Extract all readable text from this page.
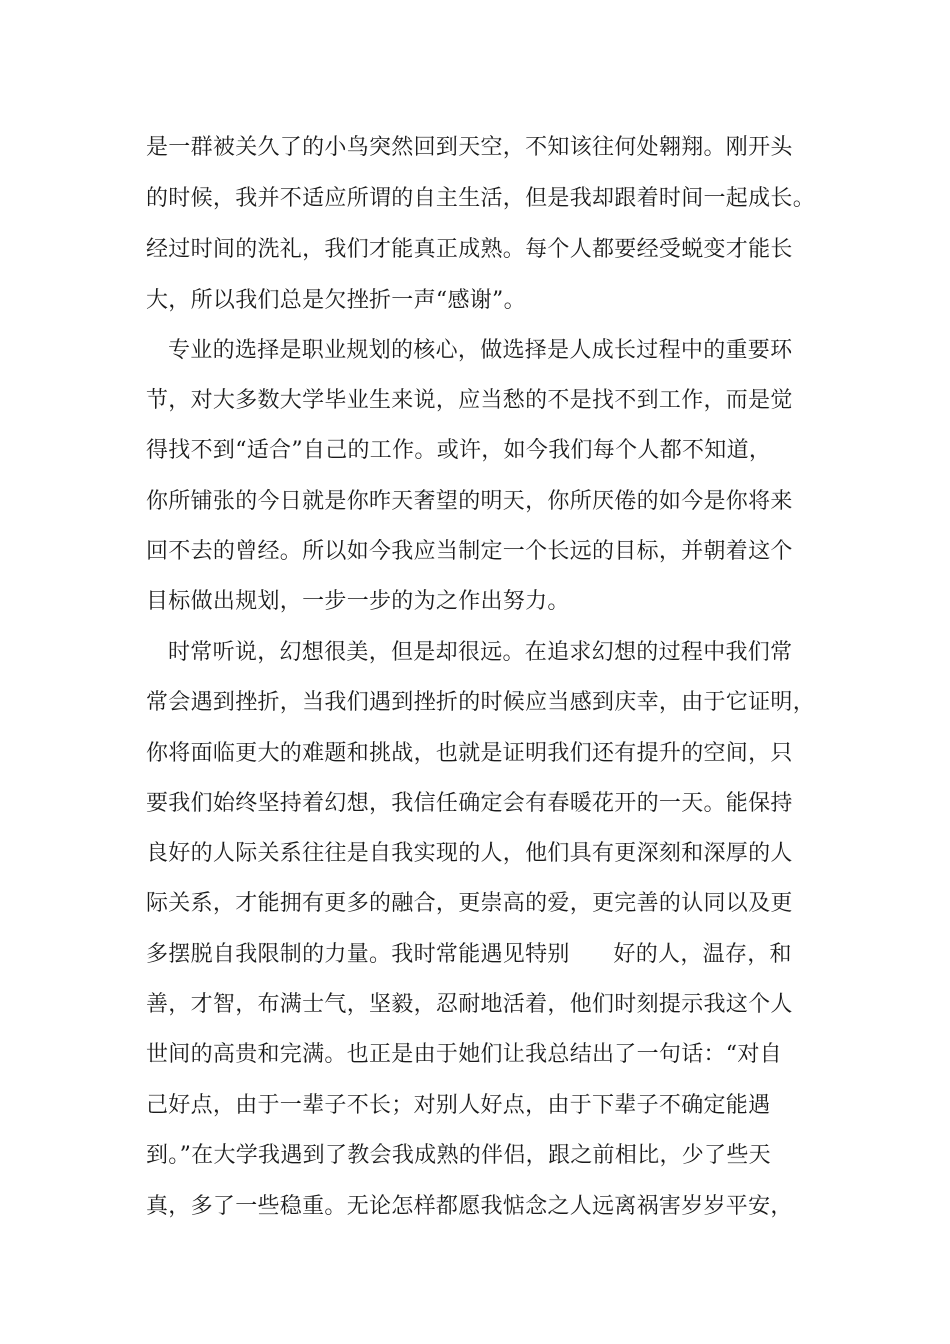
是一群被关久了的小鸟突然回到天空，不知该往何处翱翔。刚开头
的时候，我并不适应所谓的自主生活，但是我却跟着时间一起成长。
经过时间的洗礼，我们才能真正成熟。每个人都要经受蜕变才能长
大，所以我们总是欠挫折一声“感谢”。
专业的选择是职业规划的核心，做选择是人成长过程中的重要环
节，对大多数大学毕业生来说，应当愁的不是找不到工作，而是觉
得找不到“适合”自己的工作。或许，如今我们每个人都不知道，
你所铺张的今日就是你昨天奢望的明天，你所厌倦的如今是你将来
回不去的曾经。所以如今我应当制定一个长远的目标，并朝着这个
目标做出规划，一步一步的为之作出努力。
时常听说，幻想很美，但是却很远。在追求幻想的过程中我们常
常会遇到挫折，当我们遇到挫折的时候应当感到庆幸，由于它证明，
你将面临更大的难题和挑战，也就是证明我们还有提升的空间，只
要我们始终坚持着幻想，我信任确定会有春暖花开的一天。能保持
良好的人际关系往往是自我实现的人，他们具有更深刻和深厚的人
际关系，才能拥有更多的融合，更崇高的爱，更完善的认同以及更
多摆脱自我限制的力量。我时常能遇见特别      好的人，温存，和
善，才智，布满士气，坚毅，忍耐地活着，他们时刻提示我这个人
世间的高贵和完满。也正是由于她们让我总结出了一句话：“对自
己好点，由于一辈子不长；对别人好点，由于下辈子不确定能遇
到。”在大学我遇到了教会我成熟的伴侣，跟之前相比，少了些天
真，多了一些稳重。无论怎样都愿我惦念之人远离祸害岁岁平安，
